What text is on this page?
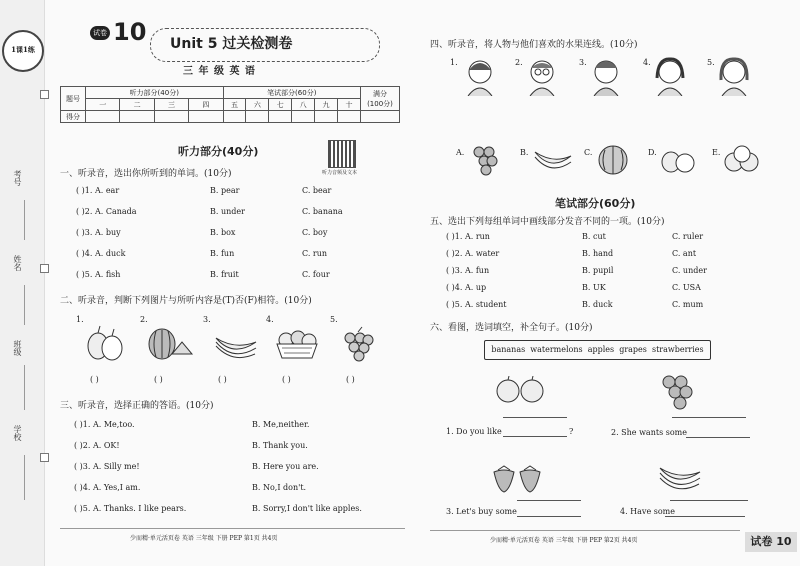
考号
姓名
班级
学校
1课1练
试卷 10 Unit 5 过关检测卷
三 年 级 英 语
题号	听力部分(40分)				笔试部分(60分)						满分
(100分)
	一	二	三	四	五	六	七	八	九	十	
得分											
听力部分(40分)
听力音频及文本
一、听录音，选出你所听到的单词。(10分)
( )1. A. ear	B. pear	C. bear
( )2. A. Canada	B. under	C. banana
( )3. A. buy	B. box	C. boy
( )4. A. duck	B. fun	C. run
( )5. A. fish	B. fruit	C. four
二、听录音，判断下列图片与所听内容是(T)否(F)相符。(10分)
1.	2.	3.	4.	5.
( )	( )	( )	( )	( )
三、听录音，选择正确的答语。(10分)
( )1. A. Me,too.	B. Me,neither.
( )2. A. OK!	B. Thank you.
( )3. A. Silly me!	B. Here you are.
( )4. A. Yes,I am.	B. No,I don't.
( )5. A. Thanks. I like pears.	B. Sorry,I don't like apples.
少而精·单元活页卷 英语 三年级 下册 PEP 第1页 共4页
四、听录音，将人物与他们喜欢的水果连线。(10分)
1.	2.	3.	4.	5.
A.	B.	C.	D.	E.
笔试部分(60分)
五、选出下列每组单词中画线部分发音不同的一项。(10分)
( )1. A. run	B. cut	C. ruler
( )2. A. water	B. hand	C. ant
( )3. A. fun	B. pupil	C. under
( )4. A. up	B. UK	C. USA
( )5. A. student	B. duck	C. mum
六、看图，选词填空，补全句子。(10分)
bananas  watermelons  apples  grapes  strawberries
1. Do you like	?	2. She wants some
3. Let's buy some	4. Have some
少而精·单元活页卷 英语 三年级 下册 PEP 第2页 共4页	试卷 10
